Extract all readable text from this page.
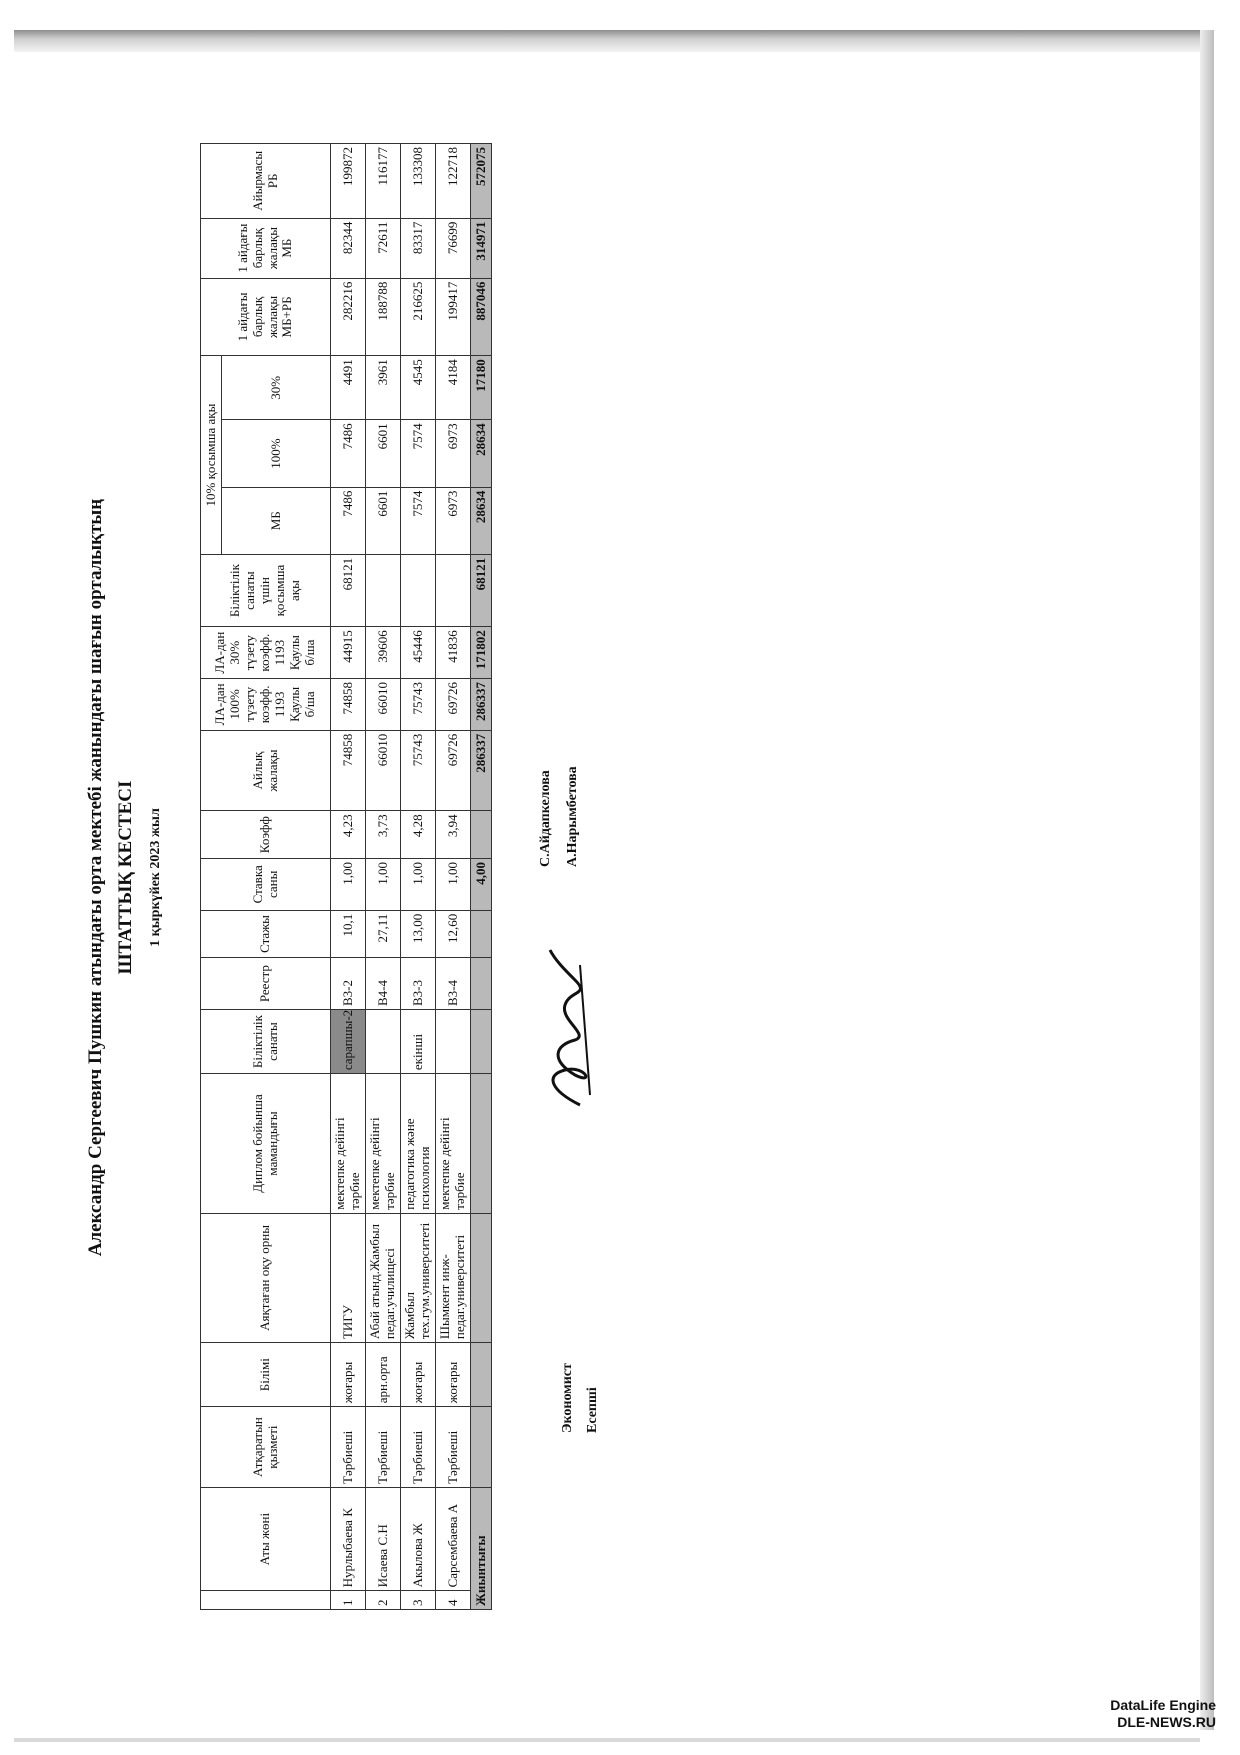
Александр Сергеевич Пушкин атындағы орта мектебі жанындағы шағын орталықтың ШТАТТЫҚ КЕСТЕСІ 1 қыркүйек 2023 жыл
	Аты жөні	Атқаратын қызметі	Білімі	Аяқтаған оқу орны	Диплом бойынша мамандығы	Біліктілік санаты	Реестр	Стажы	Ставка саны	Коэфф	Айлық жалақы	ЛА-дан 100% түзету коэфф. 1193 Қаулы б/ша	ЛА-дан 30% түзету коэфф. 1193 Қаулы б/ша	Біліктілік санаты үшін қосымша ақы	10% қосымша ақы			1 айдағы барлық жалақы МБ+РБ	1 айдағы барлық жалақы МБ	Айырмасы РБ
															МБ	100%	30%			
1	Нурлыбаева К	Тәрбиеші	жоғары	ТИГУ	мектепке дейінгі тәрбие	сарапшы-2	В3-2	10,1	1,00	4,23	74858	74858	44915	68121	7486	7486	4491	282216	82344	199872
2	Исаева С.Н	Тәрбиеші	арн.орта	Абай атынд.Жамбыл педаг.училищесі	мектепке дейінгі тәрбие		В4-4	27,11	1,00	3,73	66010	66010	39606		6601	6601	3961	188788	72611	116177
3	Акылова Ж	Тәрбиеші	жоғары	Жамбыл тех.гум.университеті	педагогика және психология	екінші	В3-3	13,00	1,00	4,28	75743	75743	45446		7574	7574	4545	216625	83317	133308
4	Сарсембаева А	Тәрбиеші	жоғары	Шымкент инж-педаг.университеті	мектепке дейінгі тәрбие		В3-4	12,60	1,00	3,94	69726	69726	41836		6973	6973	4184	199417	76699	122718
Жиынтығы									4,00		286337	286337	171802	68121	28634	28634	17180	887046	314971	572075
Экономист Есепші
С.Айдапкелова А.Нарымбетова
DataLife Engine
DLE-NEWS.RU
